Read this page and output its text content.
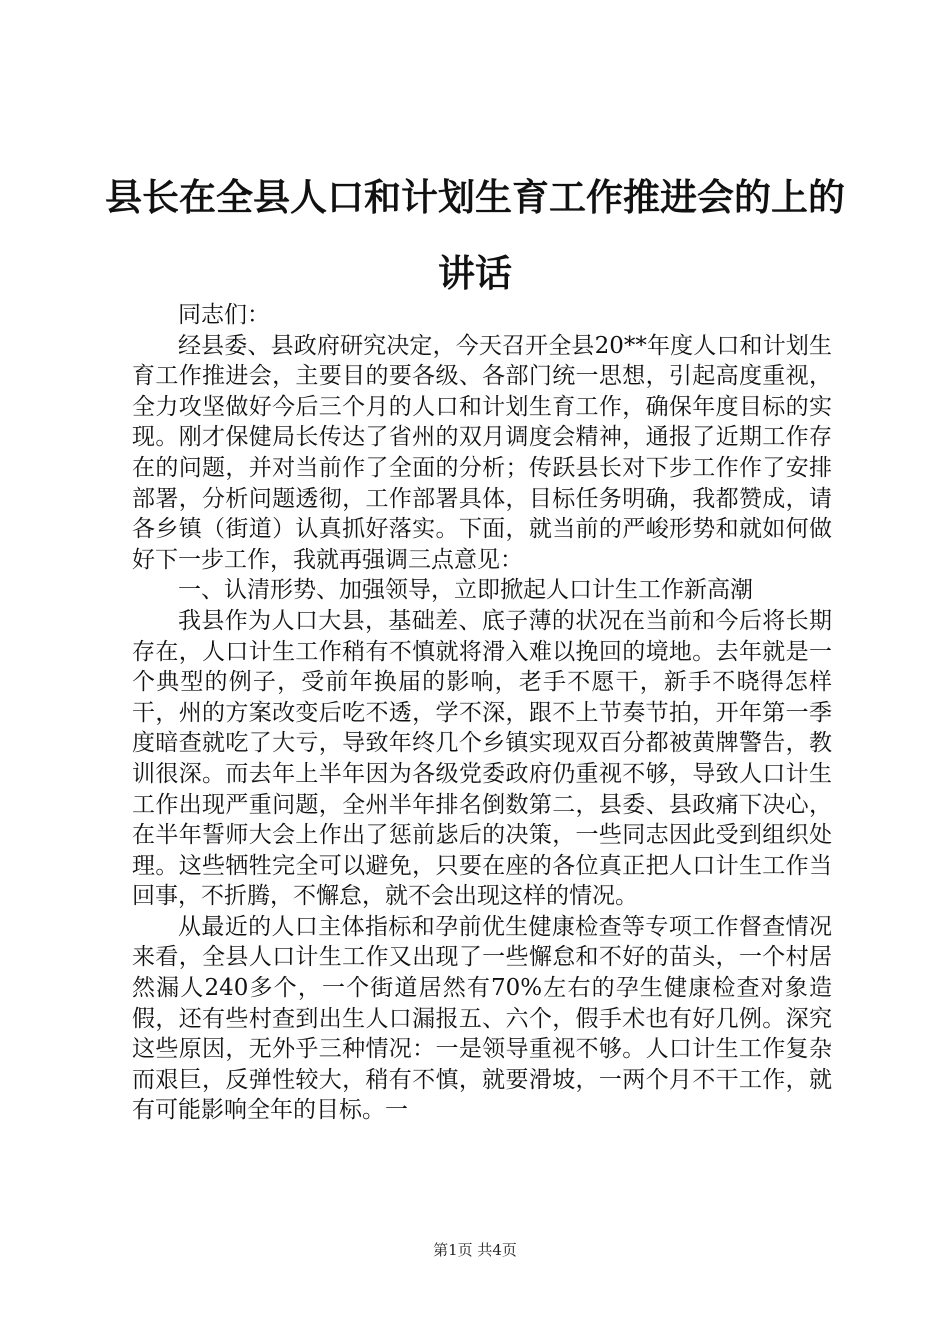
县长在全县人口和计划生育工作推进会的上的讲话

同志们：

经县委、县政府研究决定，今天召开全县20**年度人口和计划生育工作推进会，主要目的要各级、各部门统一思想，引起高度重视，全力攻坚做好今后三个月的人口和计划生育工作，确保年度目标的实现。刚才保健局长传达了省州的双月调度会精神，通报了近期工作存在的问题，并对当前作了全面的分析；传跃县长对下步工作作了安排部署，分析问题透彻，工作部署具体，目标任务明确，我都赞成，请各乡镇（街道）认真抓好落实。下面，就当前的严峻形势和就如何做好下一步工作，我就再强调三点意见：

一、认清形势、加强领导，立即掀起人口计生工作新高潮

我县作为人口大县，基础差、底子薄的状况在当前和今后将长期存在，人口计生工作稍有不慎就将滑入难以挽回的境地。去年就是一个典型的例子，受前年换届的影响，老手不愿干，新手不晓得怎样干，州的方案改变后吃不透，学不深，跟不上节奏节拍，开年第一季度暗查就吃了大亏，导致年终几个乡镇实现双百分都被黄牌警告，教训很深。而去年上半年因为各级党委政府仍重视不够，导致人口计生工作出现严重问题，全州半年排名倒数第二，县委、县政痛下决心，在半年誓师大会上作出了惩前毖后的决策，一些同志因此受到组织处理。这些牺牲完全可以避免，只要在座的各位真正把人口计生工作当回事，不折腾，不懈怠，就不会出现这样的情况。

从最近的人口主体指标和孕前优生健康检查等专项工作督查情况来看，全县人口计生工作又出现了一些懈怠和不好的苗头，一个村居然漏人240多个，一个街道居然有70%左右的孕生健康检查对象造假，还有些村查到出生人口漏报五、六个，假手术也有好几例。深究这些原因，无外乎三种情况：一是领导重视不够。人口计生工作复杂而艰巨，反弹性较大，稍有不慎，就要滑坡，一两个月不干工作，就有可能影响全年的目标。一

第1页 共4页
